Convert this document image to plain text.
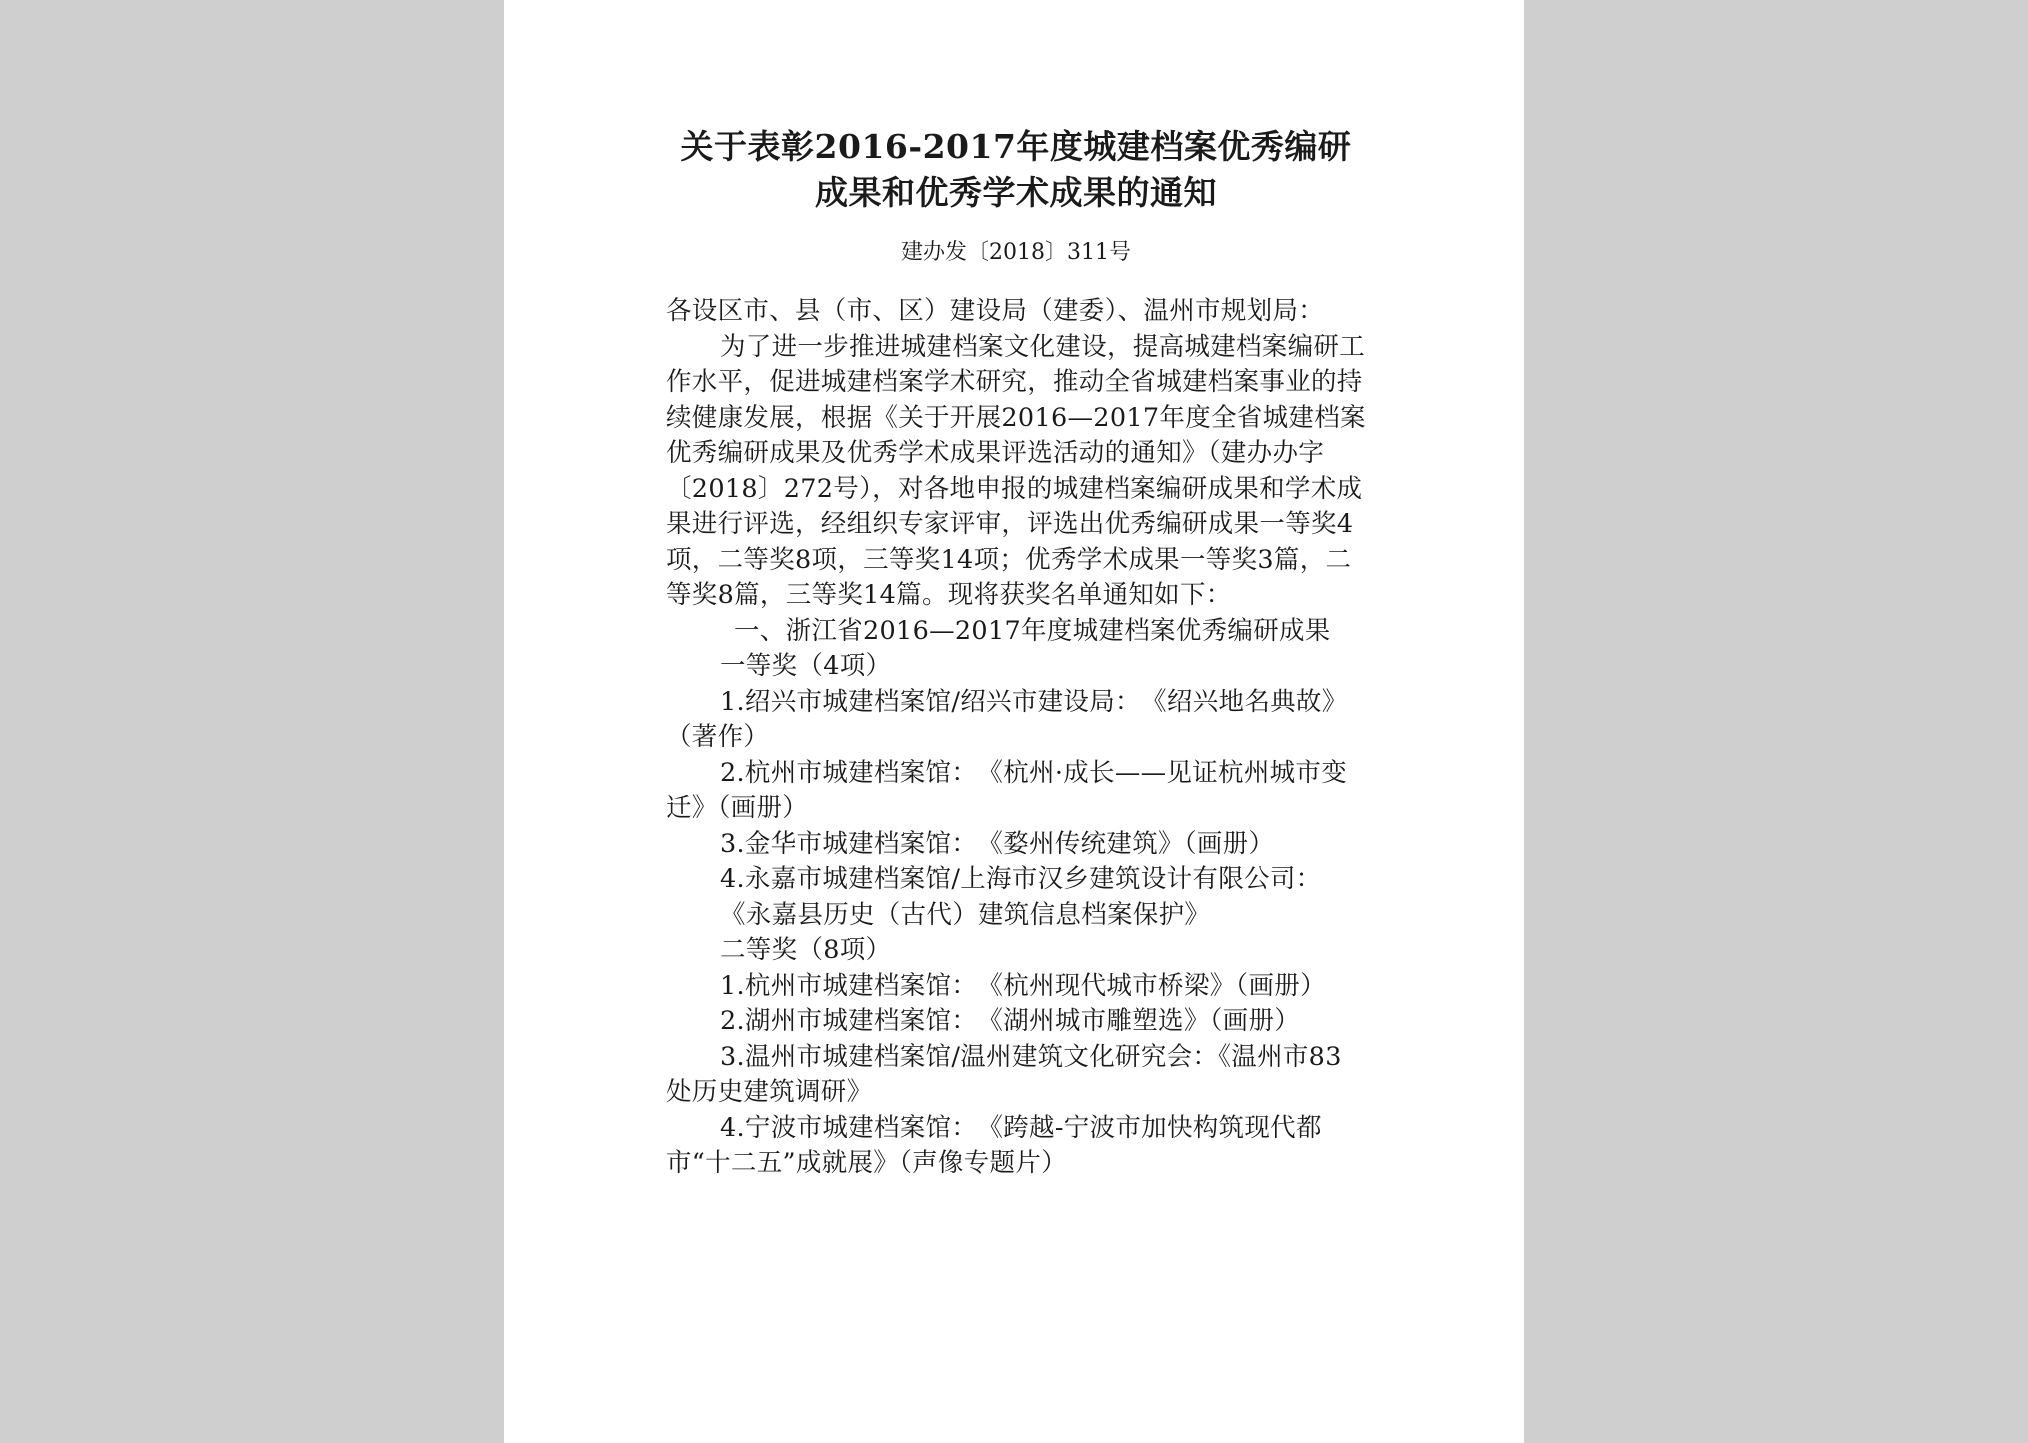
关于表彰2016-2017年度城建档案优秀编研
成果和优秀学术成果的通知
建办发〔2018〕311号

各设区市、县（市、区）建设局（建委）、温州市规划局：

为了进一步推进城建档案文化建设，提高城建档案编研工作水平，促进城建档案学术研究，推动全省城建档案事业的持续健康发展，根据《关于开展2016—2017年度全省城建档案优秀编研成果及优秀学术成果评选活动的通知》（建办办字〔2018〕272号），对各地申报的城建档案编研成果和学术成果进行评选，经组织专家评审，评选出优秀编研成果一等奖4项，二等奖8项，三等奖14项；优秀学术成果一等奖3篇，二等奖8篇，三等奖14篇。现将获奖名单通知如下：

一、浙江省2016—2017年度城建档案优秀编研成果

一等奖（4项）

1.绍兴市城建档案馆/绍兴市建设局：　《绍兴地名典故》（著作）

2.杭州市城建档案馆：　《杭州·成长——见证杭州城市变迁》（画册）

3.金华市城建档案馆：　《婺州传统建筑》（画册）

4.永嘉市城建档案馆/上海市汉乡建筑设计有限公司：

《永嘉县历史（古代）建筑信息档案保护》

二等奖（8项）

1.杭州市城建档案馆：　《杭州现代城市桥梁》（画册）

2.湖州市城建档案馆：　《湖州城市雕塑选》（画册）

3.温州市城建档案馆/温州建筑文化研究会：《温州市83处历史建筑调研》

4.宁波市城建档案馆：　《跨越-宁波市加快构筑现代都市“十二五”成就展》（声像专题片）
